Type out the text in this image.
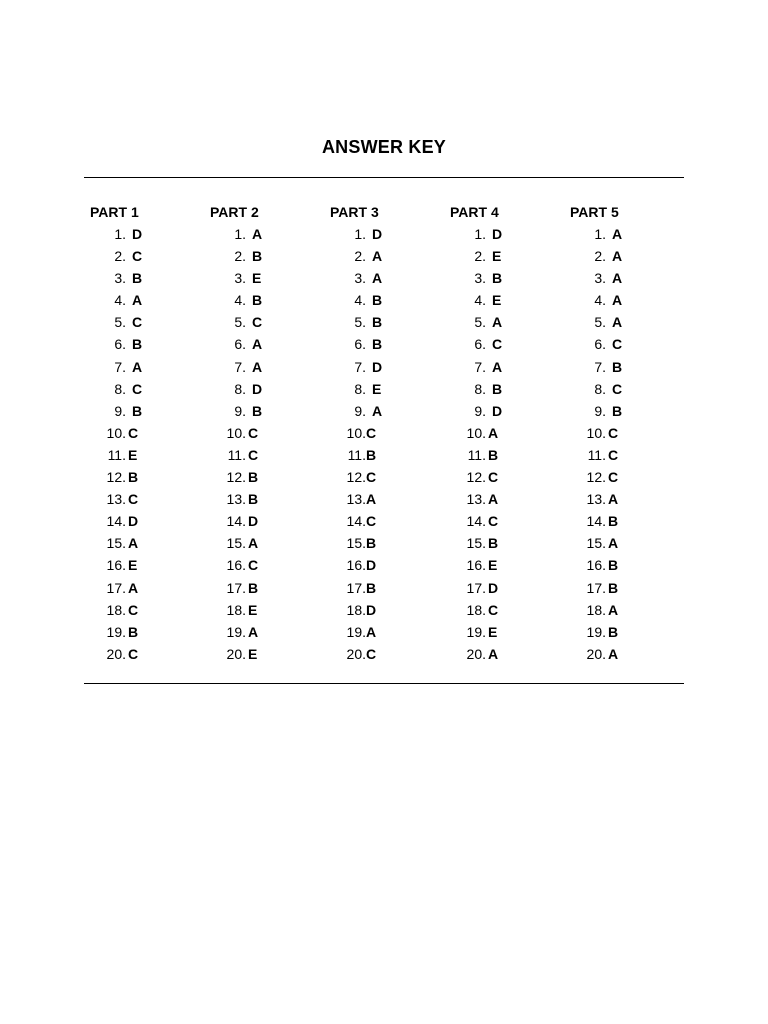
ANSWER KEY
PART 1
1. D
2. C
3. B
4. A
5. C
6. B
7. A
8. C
9. B
10. C
11. E
12. B
13. C
14. D
15. A
16. E
17. A
18. C
19. B
20. C
PART 2
1. A
2. B
3. E
4. B
5. C
6. A
7. A
8. D
9. B
10. C
11. C
12. B
13. B
14. D
15. A
16. C
17. B
18. E
19. A
20. E
PART 3
1. D
2. A
3. A
4. B
5. B
6. B
7. D
8. E
9. A
10.C
11.B
12.C
13.A
14.C
15.B
16.D
17.B
18.D
19.A
20.C
PART 4
1. D
2. E
3. B
4. E
5. A
6. C
7. A
8. B
9. D
10. A
11. B
12. C
13. A
14. C
15. B
16. E
17. D
18. C
19. E
20. A
PART 5
1. A
2. A
3. A
4. A
5. A
6. C
7. B
8. C
9. B
10. C
11. C
12. C
13. A
14. B
15. A
16. B
17. B
18. A
19. B
20. A
